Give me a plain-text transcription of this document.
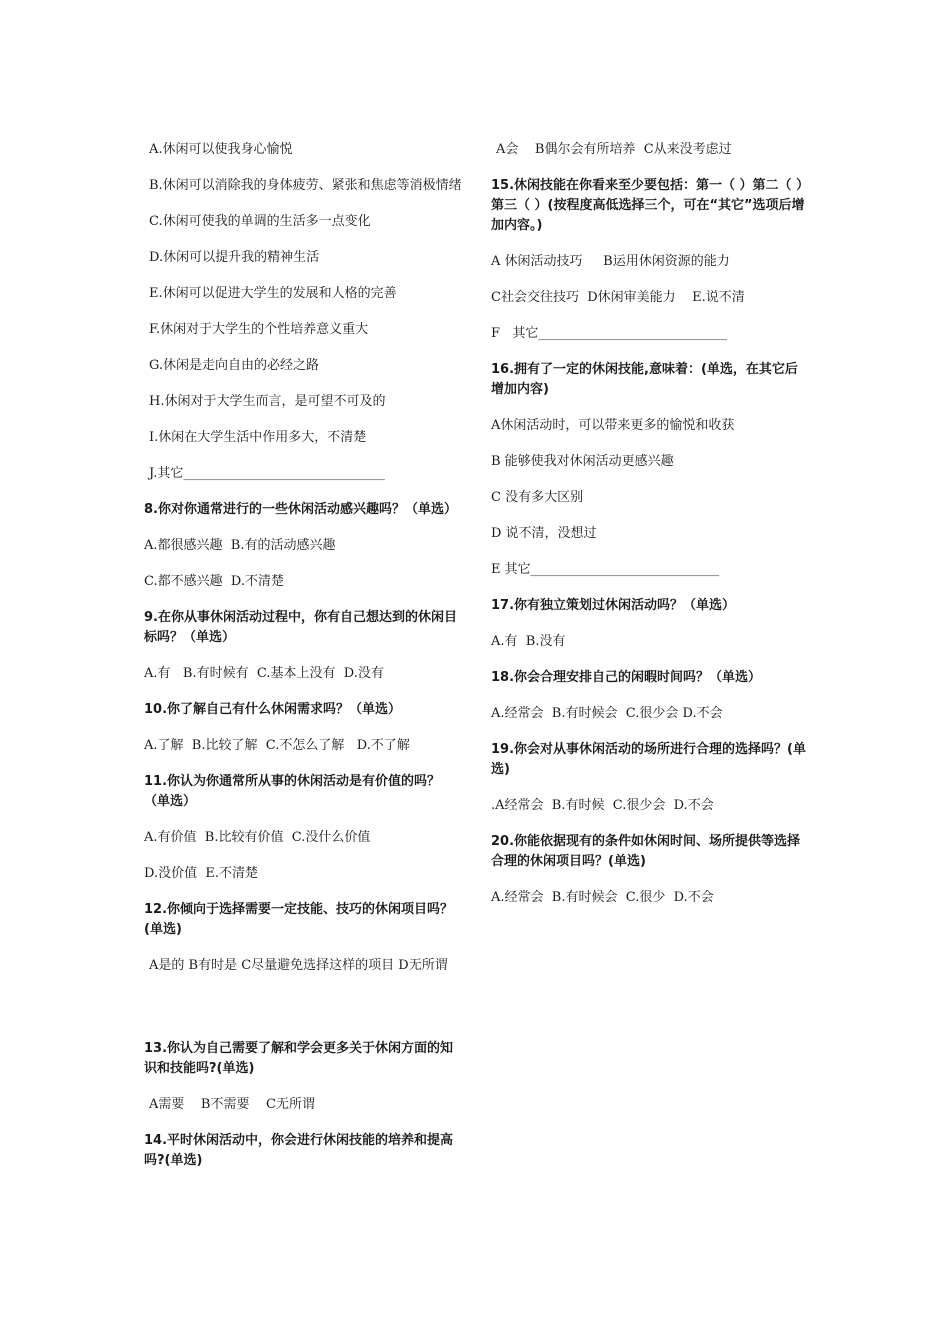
A.休闲可以使我身心愉悦

B.休闲可以消除我的身体疲劳、紧张和焦虑等消极情绪

C.休闲可使我的单调的生活多一点变化

D.休闲可以提升我的精神生活

E.休闲可以促进大学生的发展和人格的完善

F.休闲对于大学生的个性培养意义重大

G.休闲是走向自由的必经之路

H.休闲对于大学生而言，是可望不可及的

I.休闲在大学生活中作用多大，不清楚

J.其它_______________________________

8.你对你通常进行的一些休闲活动感兴趣吗？（单选）

A.都很感兴趣  B.有的活动感兴趣

C.都不感兴趣  D.不清楚

9.在你从事休闲活动过程中，你有自己想达到的休闲目标吗？（单选）

A.有   B.有时候有  C.基本上没有  D.没有

10.你了解自己有什么休闲需求吗？（单选）

A.了解  B.比较了解  C.不怎么了解   D.不了解

11.你认为你通常所从事的休闲活动是有价值的吗？（单选）

A.有价值  B.比较有价值  C.没什么价值

D.没价值  E.不清楚

12.你倾向于选择需要一定技能、技巧的休闲项目吗？(单选)

A是的 B有时是 C尽量避免选择这样的项目 D无所谓

13.你认为自己需要了解和学会更多关于休闲方面的知识和技能吗?(单选)

A需要    B不需要    C无所谓

14.平时休闲活动中，你会进行休闲技能的培养和提高吗?(单选)

A会    B偶尔会有所培养  C从来没考虑过

15.休闲技能在你看来至少要包括：第一（ ）第二（ ）第三（ ）(按程度高低选择三个，可在“其它”选项后增加内容。)

A 休闲活动技巧     B运用休闲资源的能力

C社会交往技巧  D休闲审美能力    E.说不清

F   其它_____________________________

16.拥有了一定的休闲技能,意味着：(单选，在其它后增加内容)

A休闲活动时，可以带来更多的愉悦和收获

B 能够使我对休闲活动更感兴趣

C 没有多大区别

D 说不清，没想过

E 其它_____________________________

17.你有独立策划过休闲活动吗？（单选）

A.有  B.没有

18.你会合理安排自己的闲暇时间吗？（单选）

A.经常会  B.有时候会  C.很少会 D.不会

19.你会对从事休闲活动的场所进行合理的选择吗？(单选)

.A经常会  B.有时候  C.很少会  D.不会

20.你能依据现有的条件如休闲时间、场所提供等选择合理的休闲项目吗？(单选)

A.经常会  B.有时候会  C.很少  D.不会
